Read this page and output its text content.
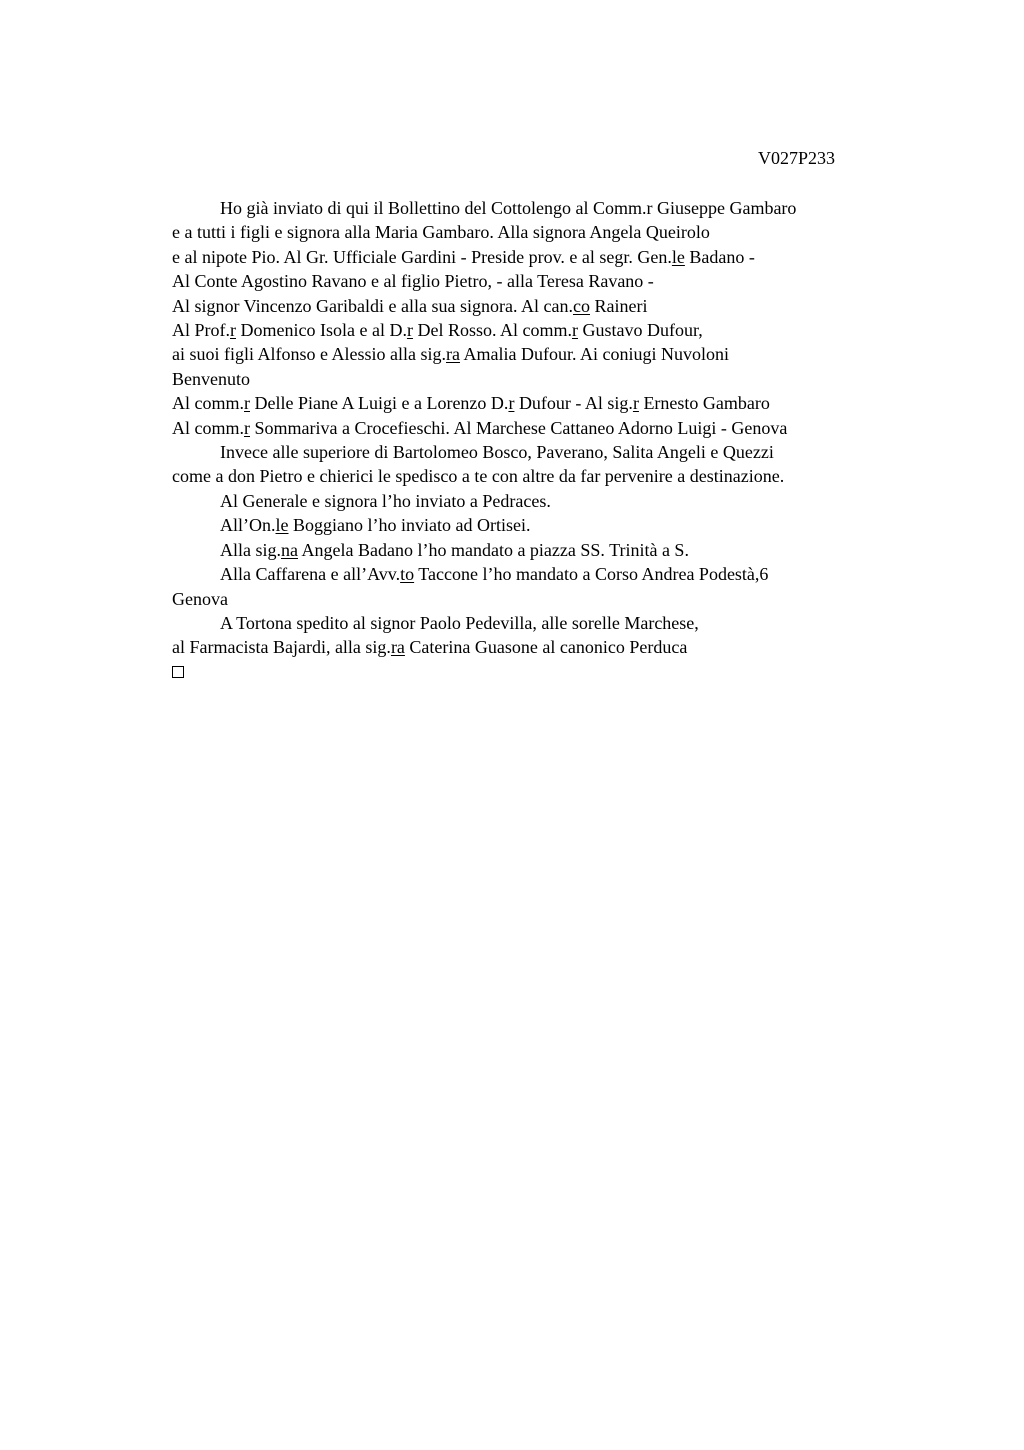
V027P233
Ho già inviato di qui il Bollettino del Cottolengo al Comm.r Giuseppe Gambaro
e a tutti i figli e signora alla Maria Gambaro. Alla signora Angela Queirolo
e al nipote Pio. Al Gr. Ufficiale Gardini - Preside prov. e al segr. Gen.le Badano -
Al Conte Agostino Ravano e al figlio Pietro, - alla Teresa Ravano -
Al signor Vincenzo Garibaldi e alla sua signora. Al can.co Raineri
Al Prof.r Domenico Isola e al D.r Del Rosso. Al comm.r Gustavo Dufour,
ai suoi figli Alfonso e Alessio alla sig.ra Amalia Dufour. Ai coniugi Nuvoloni
Benvenuto
Al comm.r Delle Piane A Luigi e a Lorenzo D.r Dufour - Al sig.r Ernesto Gambaro
Al comm.r Sommariva a Crocefieschi. Al Marchese Cattaneo Adorno Luigi - Genova
Invece alle superiore di Bartolomeo Bosco, Paverano, Salita Angeli e Quezzi
come a don Pietro e chierici le spedisco a te con altre da far pervenire a destinazione.
Al Generale e signora l’ho inviato a Pedraces.
All’On.le Boggiano l’ho inviato ad Ortisei.
Alla sig.na Angela Badano l’ho mandato a piazza SS. Trinità a S.
Alla Caffarena e all’Avv.to Taccone l’ho mandato a Corso Andrea Podestà,6
Genova
A Tortona spedito al signor Paolo Pedevilla, alle sorelle Marchese,
al Farmacista Bajardi, alla sig.ra Caterina Guasone al canonico Perduca
